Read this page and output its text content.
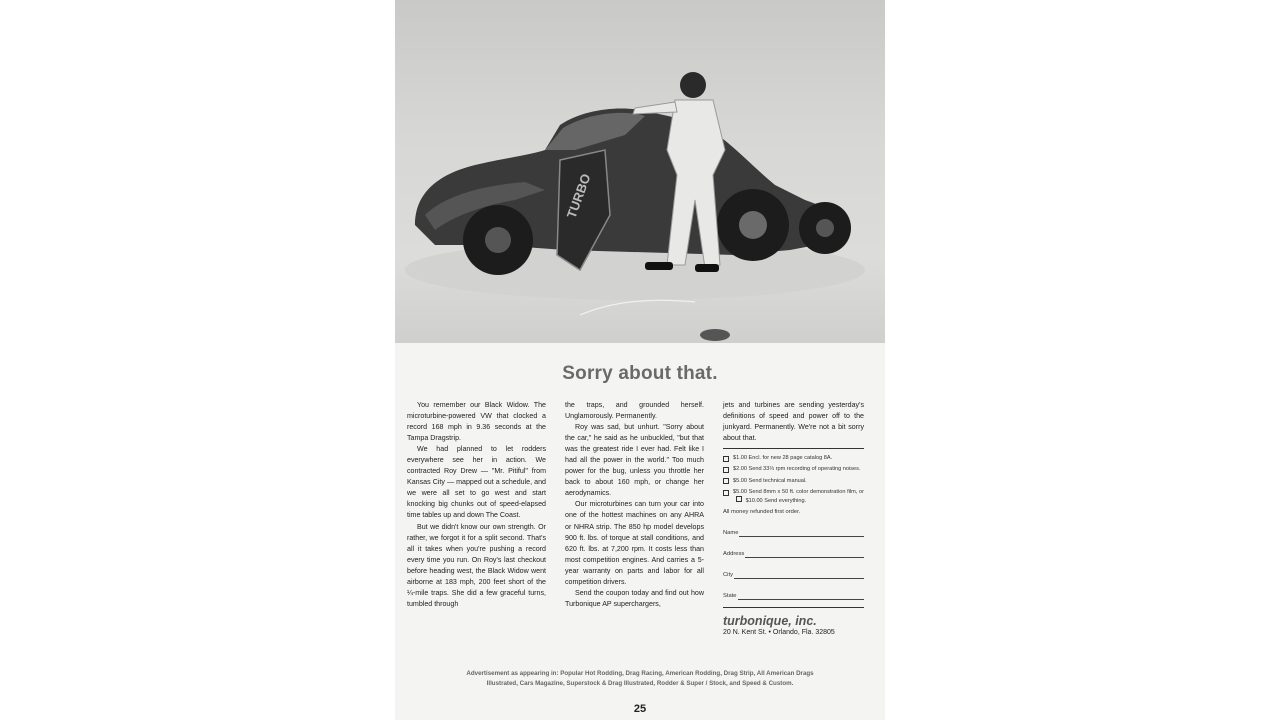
TURBO
Sorry about that.

You remember our Black Widow. The microturbine-powered VW that clocked a record 168 mph in 9.36 seconds at the Tampa Dragstrip.

We had planned to let rodders everywhere see her in action. We contracted Roy Drew — "Mr. Pitiful" from Kansas City — mapped out a schedule, and we were all set to go west and start knocking big chunks out of speed-elapsed time tables up and down The Coast.

But we didn't know our own strength. Or rather, we forgot it for a split second. That's all it takes when you're pushing a record every time you run. On Roy's last checkout before heading west, the Black Widow went airborne at 183 mph, 200 feet short of the ¼-mile traps. She did a few graceful turns, tumbled through

the traps, and grounded herself. Unglamorously. Permanently.

Roy was sad, but unhurt. "Sorry about the car," he said as he unbuckled, "but that was the greatest ride I ever had. Felt like I had all the power in the world." Too much power for the bug, unless you throttle her back to about 160 mph, or change her aerodynamics.

Our microturbines can turn your car into one of the hottest machines on any AHRA or NHRA strip. The 850 hp model develops 900 ft. lbs. of torque at stall conditions, and 620 ft. lbs. at 7,200 rpm. It costs less than most competition engines. And carries a 5-year warranty on parts and labor for all competition drivers.

Send the coupon today and find out how Turbonique AP superchargers,

jets and turbines are sending yesterday's definitions of speed and power off to the junkyard. Permanently. We're not a bit sorry about that.

$1.00 Encl. for new 28 page catalog 8A.
$2.00 Send 33⅓ rpm recording of operating noises.
$5.00 Send technical manual.
$5.00 Send 8mm x 50 ft. color demonstration film, or  $10.00 Send everything.
All money refunded first order.
Name
Address
City
State
turbonique, inc.
20 N. Kent St. • Orlando, Fla. 32805
Advertisement as appearing in: Popular Hot Rodding, Drag Racing, American Rodding, Drag Strip, All American Drags Illustrated, Cars Magazine, Superstock & Drag Illustrated, Rodder & Super / Stock, and Speed & Custom.
25
